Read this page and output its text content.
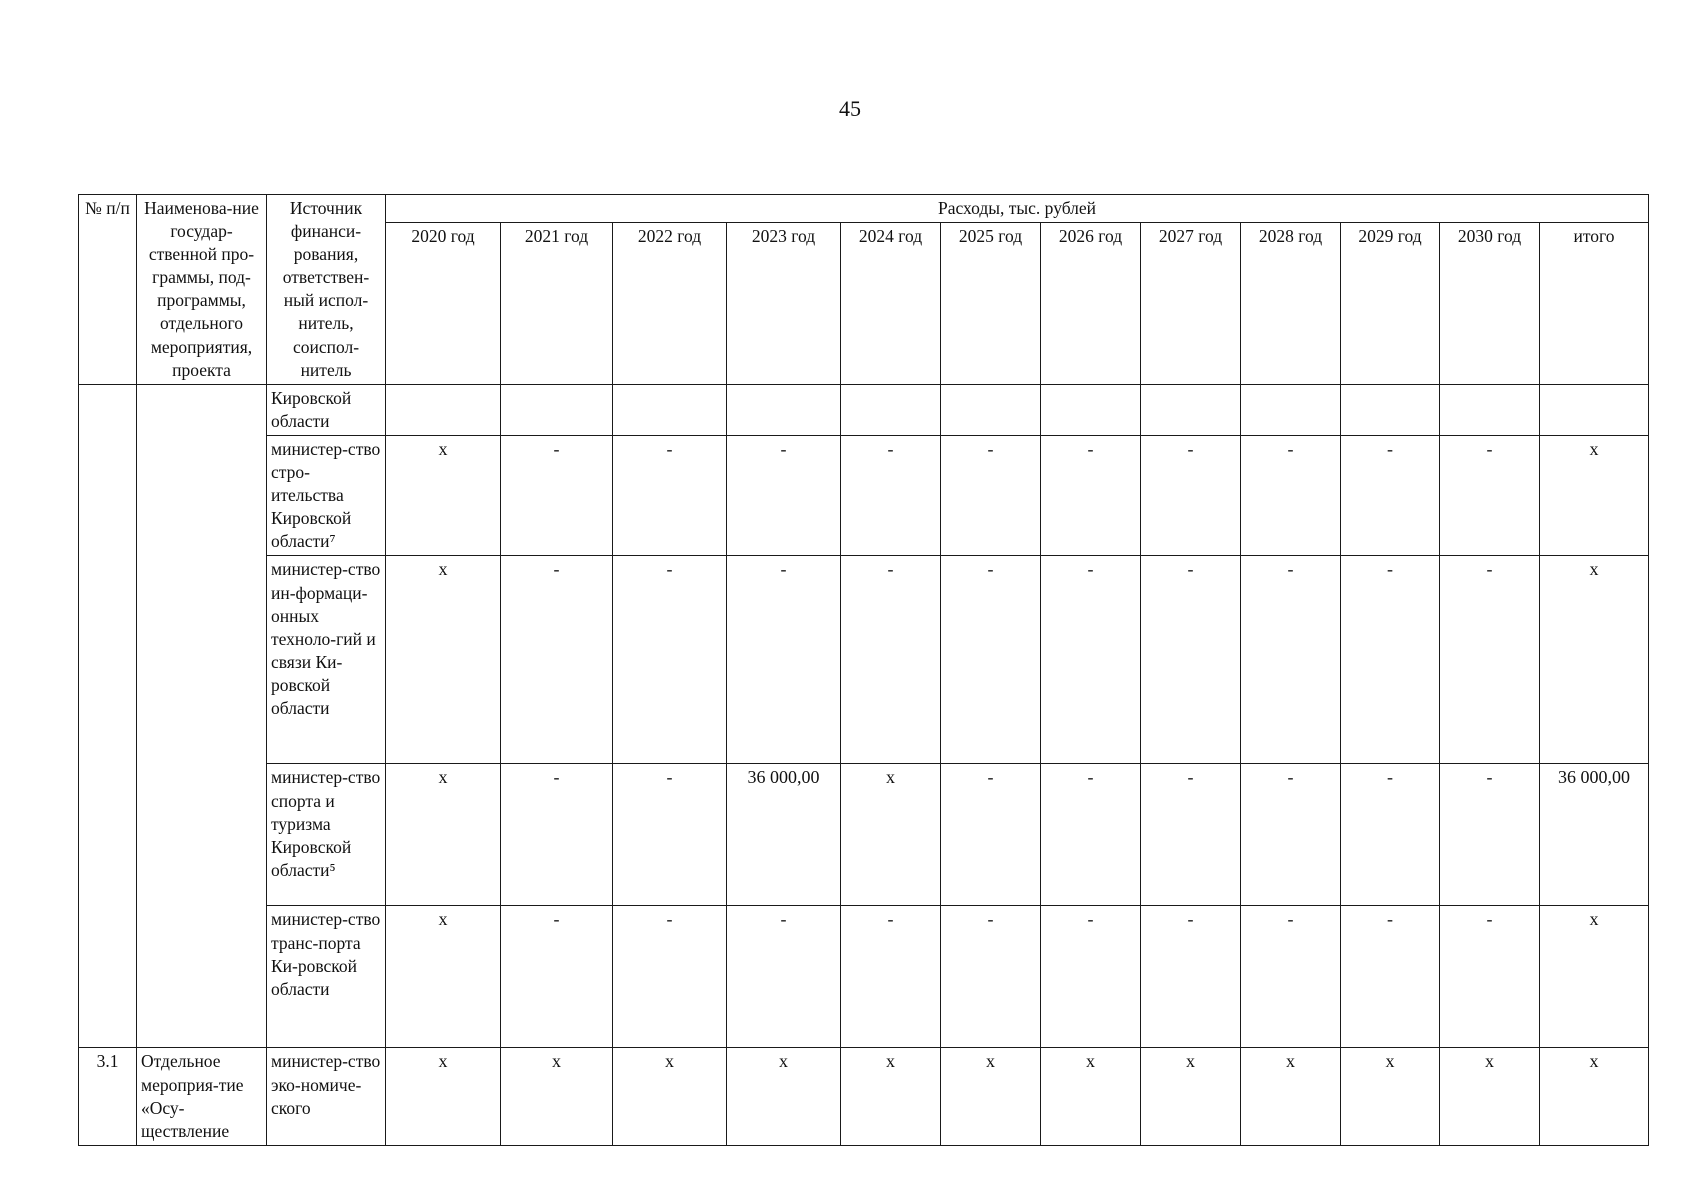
45
№ п/п	Наименова-ние государ-ственной про-граммы, под-программы, отдельного мероприятия, проекта	Источник финанси-рования, ответствен-ный испол-нитель, соиспол-нитель	Расходы, тыс. рублей											
			2020 год	2021 год	2022 год	2023 год	2024 год	2025 год	2026 год	2027 год	2028 год	2029 год	2030 год	итого
		Кировской области												
		министер-ство стро-ительства Кировской области⁷	х	-	-	-	-	-	-	-	-	-	-	х
		министер-ство ин-формаци-онных техноло-гий и связи Ки-ровской области	х	-	-	-	-	-	-	-	-	-	-	х
		министер-ство спорта и туризма Кировской области⁵	х	-	-	36 000,00	х	-	-	-	-	-	-	36 000,00
		министер-ство транс-порта Ки-ровской области	х	-	-	-	-	-	-	-	-	-	-	х
3.1	Отдельное мероприя-тие «Осу-ществление	министер-ство эко-номиче-ского	х	х	х	х	х	х	х	х	х	х	х	х
